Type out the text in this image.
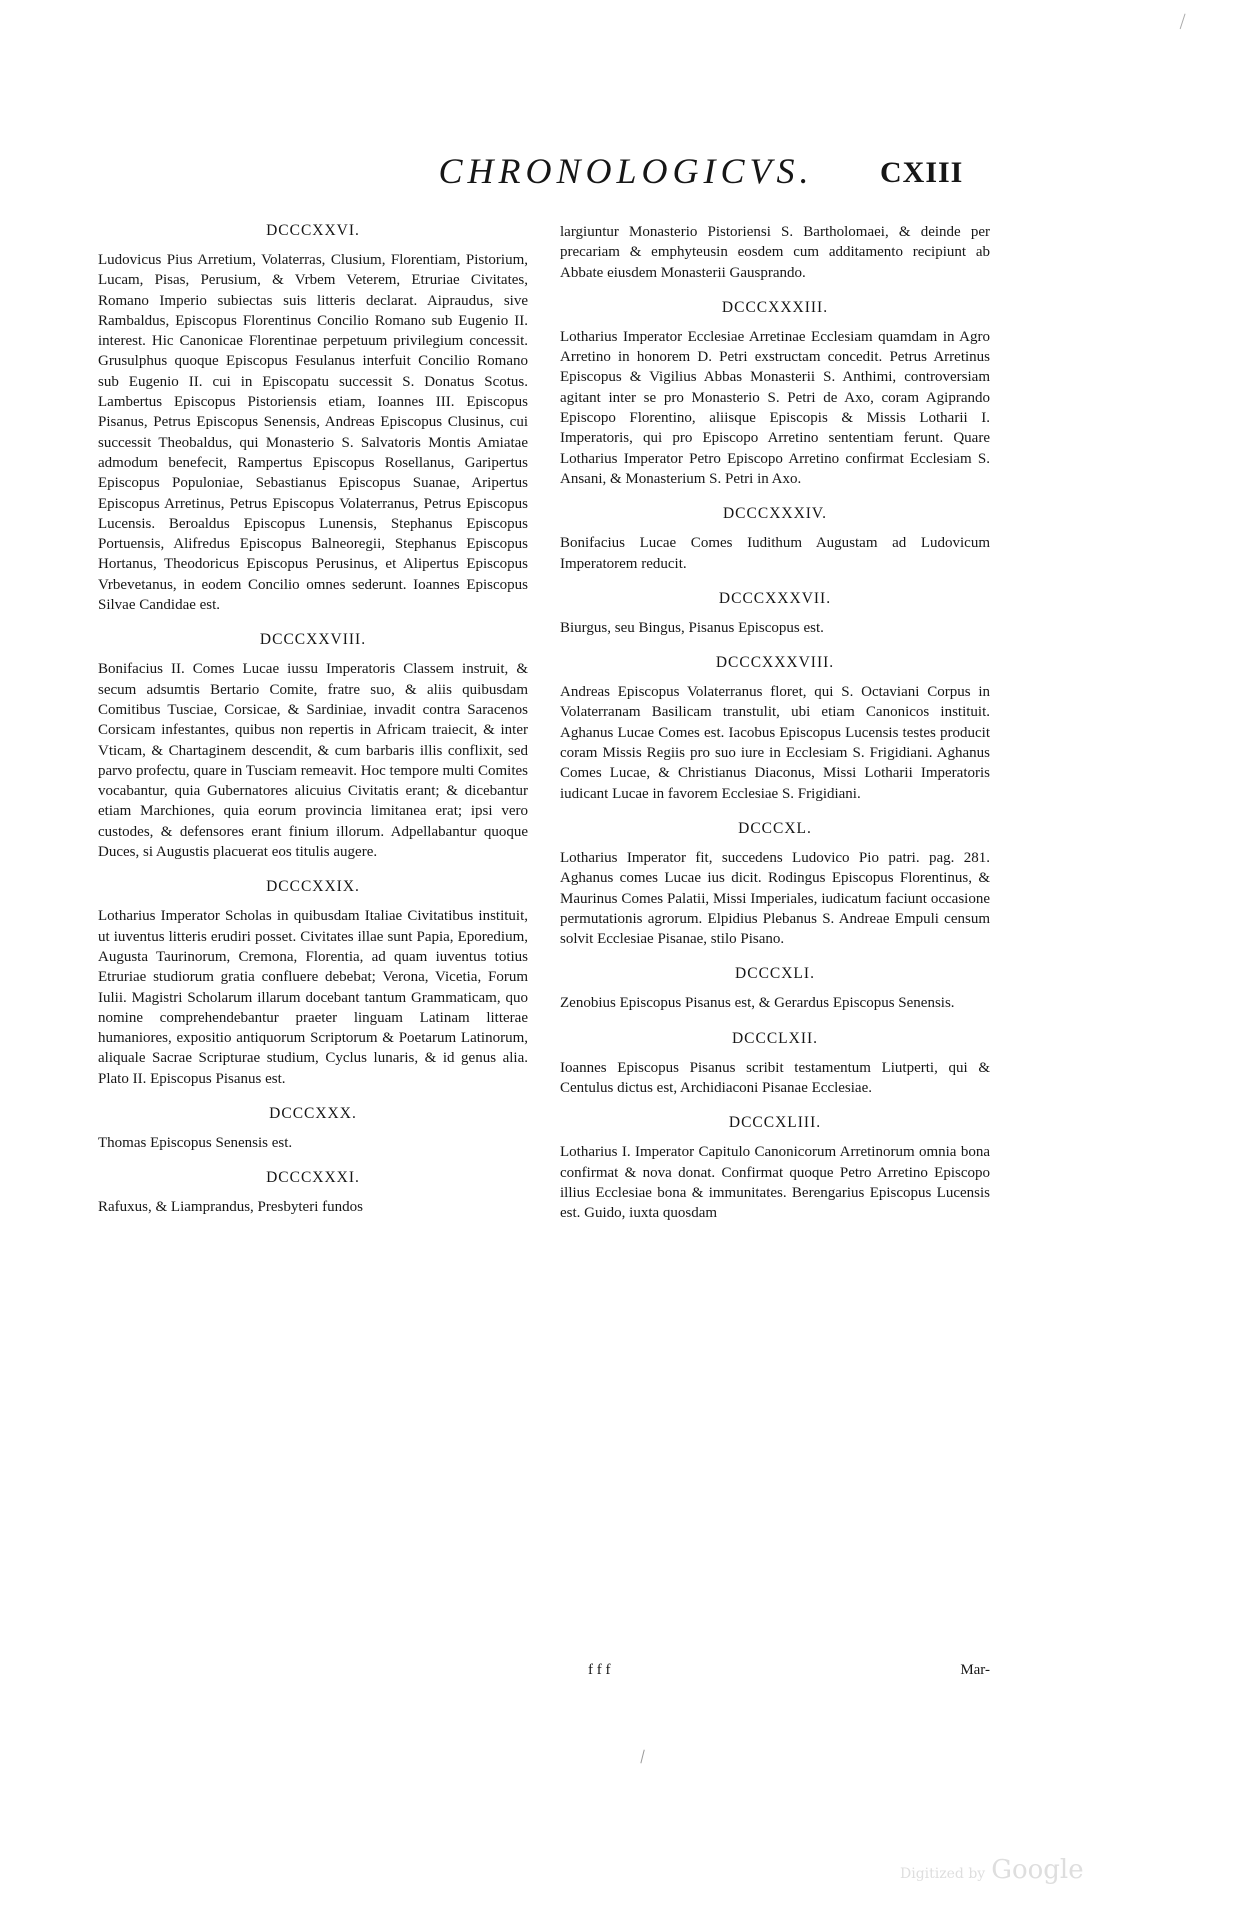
CHRONOLOGICVS.	CXIII
DCCCXXVI.

Ludovicus Pius Arretium, Volaterras, Clusium, Florentiam, Pistorium, Lucam, Pisas, Perusium, & Vrbem Veterem, Etruriae Civitates, Romano Imperio subiectas suis litteris declarat. Aipraudus, sive Rambaldus, Episcopus Florentinus Concilio Romano sub Eugenio II. interest. Hic Canonicae Florentinae perpetuum privilegium concessit. Grusulphus quoque Episcopus Fesulanus interfuit Concilio Romano sub Eugenio II. cui in Episcopatu successit S. Donatus Scotus. Lambertus Episcopus Pistoriensis etiam, Ioannes III. Episcopus Pisanus, Petrus Episcopus Senensis, Andreas Episcopus Clusinus, cui successit Theobaldus, qui Monasterio S. Salvatoris Montis Amiatae admodum benefecit, Rampertus Episcopus Rosellanus, Garipertus Episcopus Populoniae, Sebastianus Episcopus Suanae, Aripertus Episcopus Arretinus, Petrus Episcopus Volaterranus, Petrus Episcopus Lucensis. Beroaldus Episcopus Lunensis, Stephanus Episcopus Portuensis, Alifredus Episcopus Balneoregii, Stephanus Episcopus Hortanus, Theodoricus Episcopus Perusinus, et Alipertus Episcopus Vrbevetanus, in eodem Concilio omnes sederunt. Ioannes Episcopus Silvae Candidae est.

DCCCXXVIII.

Bonifacius II. Comes Lucae iussu Imperatoris Classem instruit, & secum adsumtis Bertario Comite, fratre suo, & aliis quibusdam Comitibus Tusciae, Corsicae, & Sardiniae, invadit contra Saracenos Corsicam infestantes, quibus non repertis in Africam traiecit, & inter Vticam, & Chartaginem descendit, & cum barbaris illis conflixit, sed parvo profectu, quare in Tusciam remeavit. Hoc tempore multi Comites vocabantur, quia Gubernatores alicuius Civitatis erant; & dicebantur etiam Marchiones, quia eorum provincia limitanea erat; ipsi vero custodes, & defensores erant finium illorum. Adpellabantur quoque Duces, si Augustis placuerat eos titulis augere.

DCCCXXIX.

Lotharius Imperator Scholas in quibusdam Italiae Civitatibus instituit, ut iuventus litteris erudiri posset. Civitates illae sunt Papia, Eporedium, Augusta Taurinorum, Cremona, Florentia, ad quam iuventus totius Etruriae studiorum gratia confluere debebat; Verona, Vicetia, Forum Iulii. Magistri Scholarum illarum docebant tantum Grammaticam, quo nomine comprehendebantur praeter linguam Latinam litterae humaniores, expositio antiquorum Scriptorum & Poetarum Latinorum, aliquale Sacrae Scripturae studium, Cyclus lunaris, & id genus alia. Plato II. Episcopus Pisanus est.

DCCCXXX.

Thomas Episcopus Senensis est.

DCCCXXXI.

Rafuxus, & Liamprandus, Presbyteri fundos

largiuntur Monasterio Pistoriensi S. Bartholomaei, & deinde per precariam & emphyteusin eosdem cum additamento recipiunt ab Abbate eiusdem Monasterii Gausprando.

DCCCXXXIII.

Lotharius Imperator Ecclesiae Arretinae Ecclesiam quamdam in Agro Arretino in honorem D. Petri exstructam concedit. Petrus Arretinus Episcopus & Vigilius Abbas Monasterii S. Anthimi, controversiam agitant inter se pro Monasterio S. Petri de Axo, coram Agiprando Episcopo Florentino, aliisque Episcopis & Missis Lotharii I. Imperatoris, qui pro Episcopo Arretino sententiam ferunt. Quare Lotharius Imperator Petro Episcopo Arretino confirmat Ecclesiam S. Ansani, & Monasterium S. Petri in Axo.

DCCCXXXIV.

Bonifacius Lucae Comes Iudithum Augustam ad Ludovicum Imperatorem reducit.

DCCCXXXVII.

Biurgus, seu Bingus, Pisanus Episcopus est.

DCCCXXXVIII.

Andreas Episcopus Volaterranus floret, qui S. Octaviani Corpus in Volaterranam Basilicam transtulit, ubi etiam Canonicos instituit. Aghanus Lucae Comes est. Iacobus Episcopus Lucensis testes producit coram Missis Regiis pro suo iure in Ecclesiam S. Frigidiani. Aghanus Comes Lucae, & Christianus Diaconus, Missi Lotharii Imperatoris iudicant Lucae in favorem Ecclesiae S. Frigidiani.

DCCCXL.

Lotharius Imperator fit, succedens Ludovico Pio patri. pag. 281. Aghanus comes Lucae ius dicit. Rodingus Episcopus Florentinus, & Maurinus Comes Palatii, Missi Imperiales, iudicatum faciunt occasione permutationis agrorum. Elpidius Plebanus S. Andreae Empuli censum solvit Ecclesiae Pisanae, stilo Pisano.

DCCCXLI.

Zenobius Episcopus Pisanus est, & Gerardus Episcopus Senensis.

DCCCLXII.

Ioannes Episcopus Pisanus scribit testamentum Liutperti, qui & Centulus dictus est, Archidiaconi Pisanae Ecclesiae.

DCCCXLIII.

Lotharius I. Imperator Capitulo Canonicorum Arretinorum omnia bona confirmat & nova donat. Confirmat quoque Petro Arretino Episcopo illius Ecclesiae bona & immunitates. Berengarius Episcopus Lucensis est. Guido, iuxta quosdam

f f f	Mar-
Digitized by Google
